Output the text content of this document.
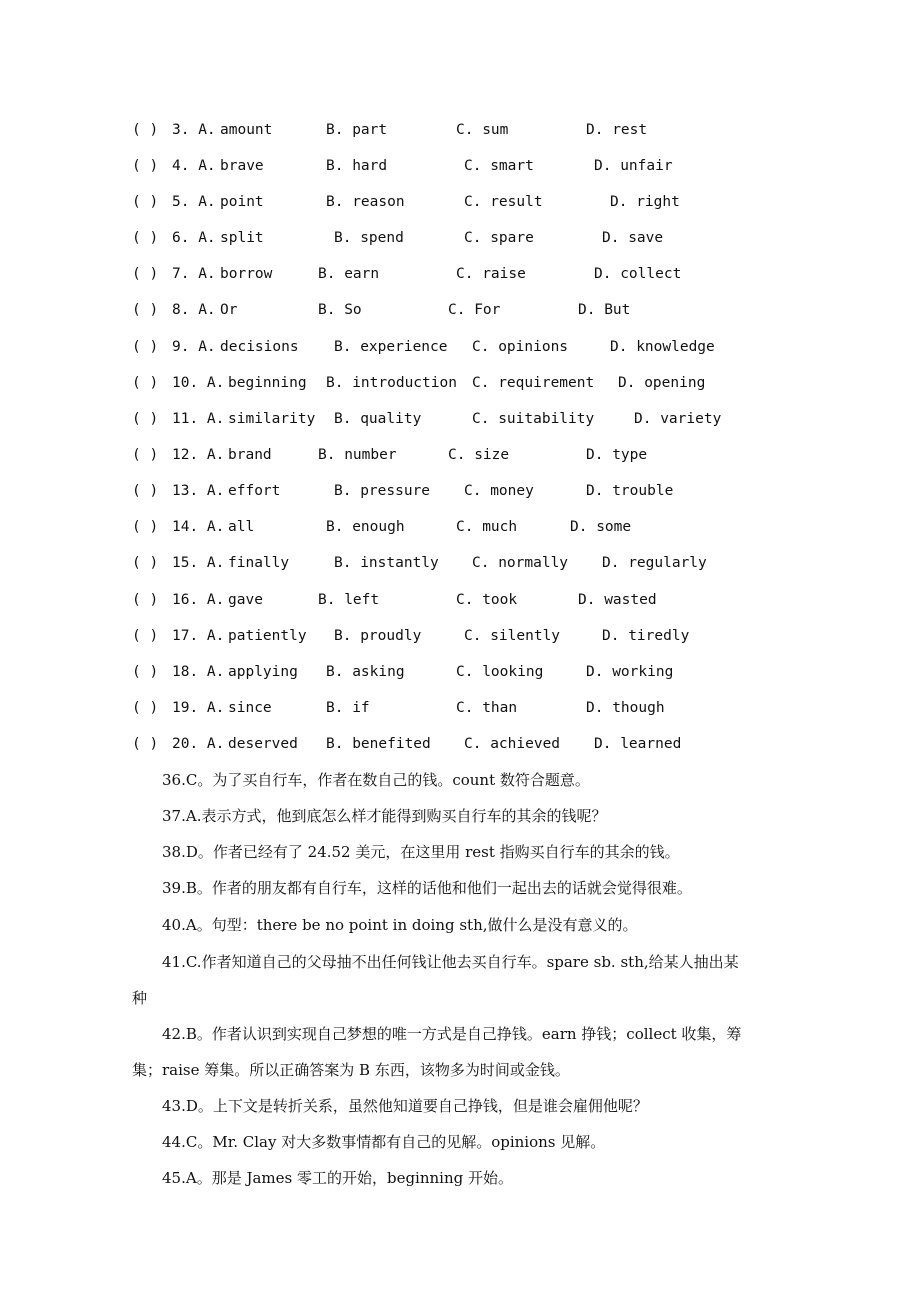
( ) 3. A. amount	B. part	C. sum	D. rest
( ) 4. A. brave	B. hard	C. smart	D. unfair
( ) 5. A. point	B. reason	C. result	D. right
( ) 6. A. split	B. spend	C. spare	D. save
( ) 7. A. borrow	B. earn	C. raise	D. collect
( ) 8. A. Or	B. So	C. For	D. But
( ) 9. A. decisions B. experience C. opinions	D. knowledge
( ) 10. A. beginning B. introduction C. requirement D. opening
( ) 11. A. similarity B. quality	C. suitability	D. variety
( ) 12. A. brand	B. number	C. size	D. type
( ) 13. A. effort	B. pressure C. money	D. trouble
( ) 14. A. all	B. enough	C. much	D. some
( ) 15. A. finally	B. instantly C. normally D. regularly
( ) 16. A. gave	B. left	C. took	D. wasted
( ) 17. A. patiently B. proudly	C. silently	D. tiredly
( ) 18. A. applying B. asking	C. looking	D. working
( ) 19. A. since	B. if	C. than	D. though
( ) 20. A. deserved B. benefited C. achieved D. learned
36.C。为了买自行车，作者在数自己的钱。count 数符合题意。
37.A.表示方式，他到底怎么样才能得到购买自行车的其余的钱呢？
38.D。作者已经有了 24.52 美元，在这里用 rest 指购买自行车的其余的钱。
39.B。作者的朋友都有自行车，这样的话他和他们一起出去的话就会觉得很难。
40.A。句型：there be no point in doing sth,做什么是没有意义的。
41.C.作者知道自己的父母抽不出任何钱让他去买自行车。spare sb. sth,给某人抽出某
种
42.B。作者认识到实现自己梦想的唯一方式是自己挣钱。earn 挣钱；collect 收集，筹
集；raise 筹集。所以正确答案为 B 东西，该物多为时间或金钱。
43.D。上下文是转折关系，虽然他知道要自己挣钱，但是谁会雇佣他呢？
44.C。Mr. Clay 对大多数事情都有自己的见解。opinions 见解。
45.A。那是 James 零工的开始，beginning 开始。
